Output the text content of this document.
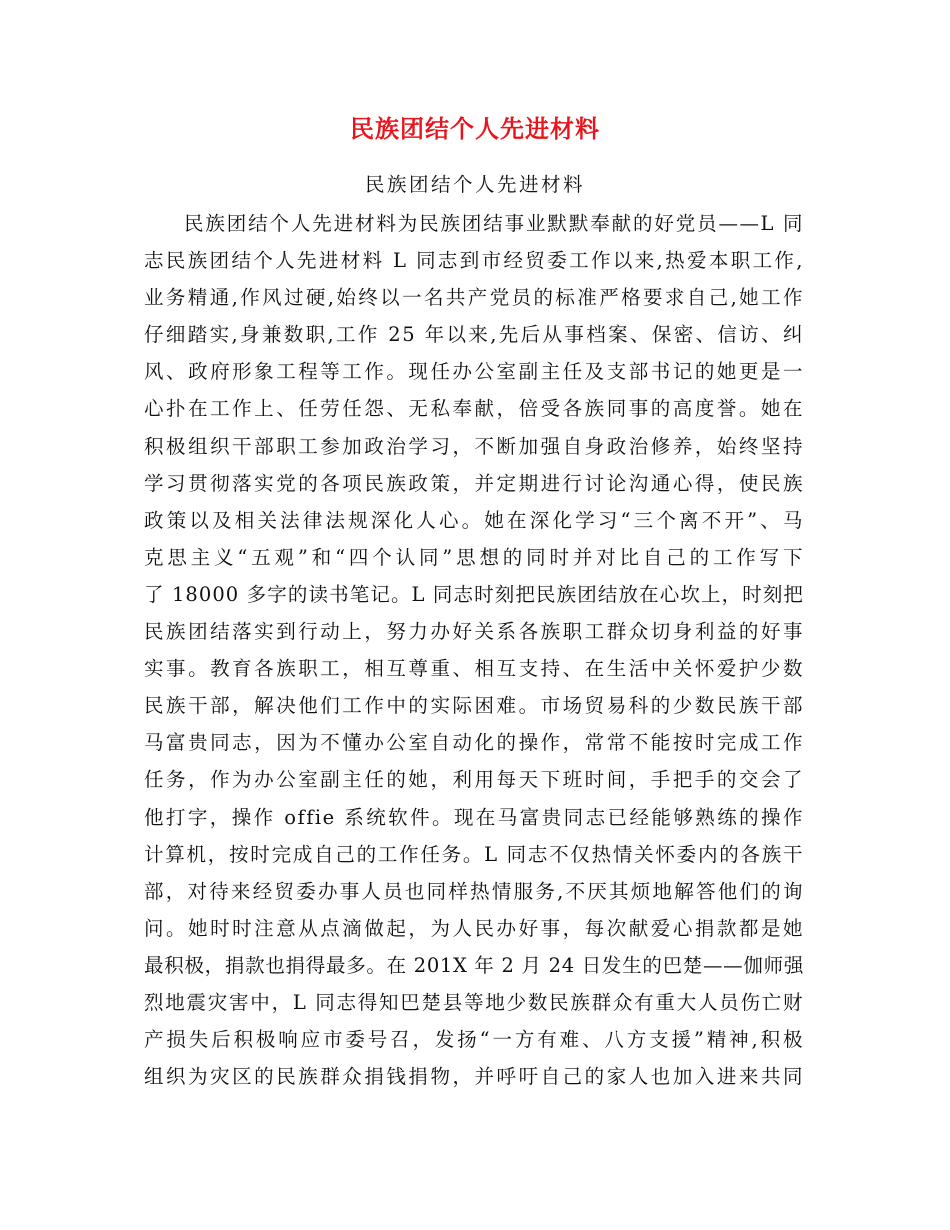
民族团结个人先进材料
民族团结个人先进材料
民族团结个人先进材料为民族团结事业默默奉献的好党员——L 同
志民族团结个人先进材料 L 同志到市经贸委工作以来,热爱本职工作,
业务精通,作风过硬,始终以一名共产党员的标准严格要求自己,她工作
仔细踏实,身兼数职,工作 25 年以来,先后从事档案、保密、信访、纠
风、政府形象工程等工作。现任办公室副主任及支部书记的她更是一
心扑在工作上、任劳任怨、无私奉献，倍受各族同事的高度誉。她在
积极组织干部职工参加政治学习，不断加强自身政治修养，始终坚持
学习贯彻落实党的各项民族政策，并定期进行讨论沟通心得，使民族
政策以及相关法律法规深化人心。她在深化学习“三个离不开”、马
克思主义“五观”和“四个认同”思想的同时并对比自己的工作写下
了 18000 多字的读书笔记。L 同志时刻把民族团结放在心坎上，时刻把
民族团结落实到行动上，努力办好关系各族职工群众切身利益的好事
实事。教育各族职工，相互尊重、相互支持、在生活中关怀爱护少数
民族干部，解决他们工作中的实际困难。市场贸易科的少数民族干部
马富贵同志，因为不懂办公室自动化的操作，常常不能按时完成工作
任务，作为办公室副主任的她，利用每天下班时间，手把手的交会了
他打字，操作 offie 系统软件。现在马富贵同志已经能够熟练的操作
计算机，按时完成自己的工作任务。L 同志不仅热情关怀委内的各族干
部，对待来经贸委办事人员也同样热情服务,不厌其烦地解答他们的询
问。她时时注意从点滴做起，为人民办好事，每次献爱心捐款都是她
最积极，捐款也捐得最多。在 201X 年 2 月 24 日发生的巴楚——伽师强
烈地震灾害中，L 同志得知巴楚县等地少数民族群众有重大人员伤亡财
产损失后积极响应市委号召，发扬“一方有难、八方支援”精神,积极
组织为灾区的民族群众捐钱捐物，并呼吁自己的家人也加入进来共同
